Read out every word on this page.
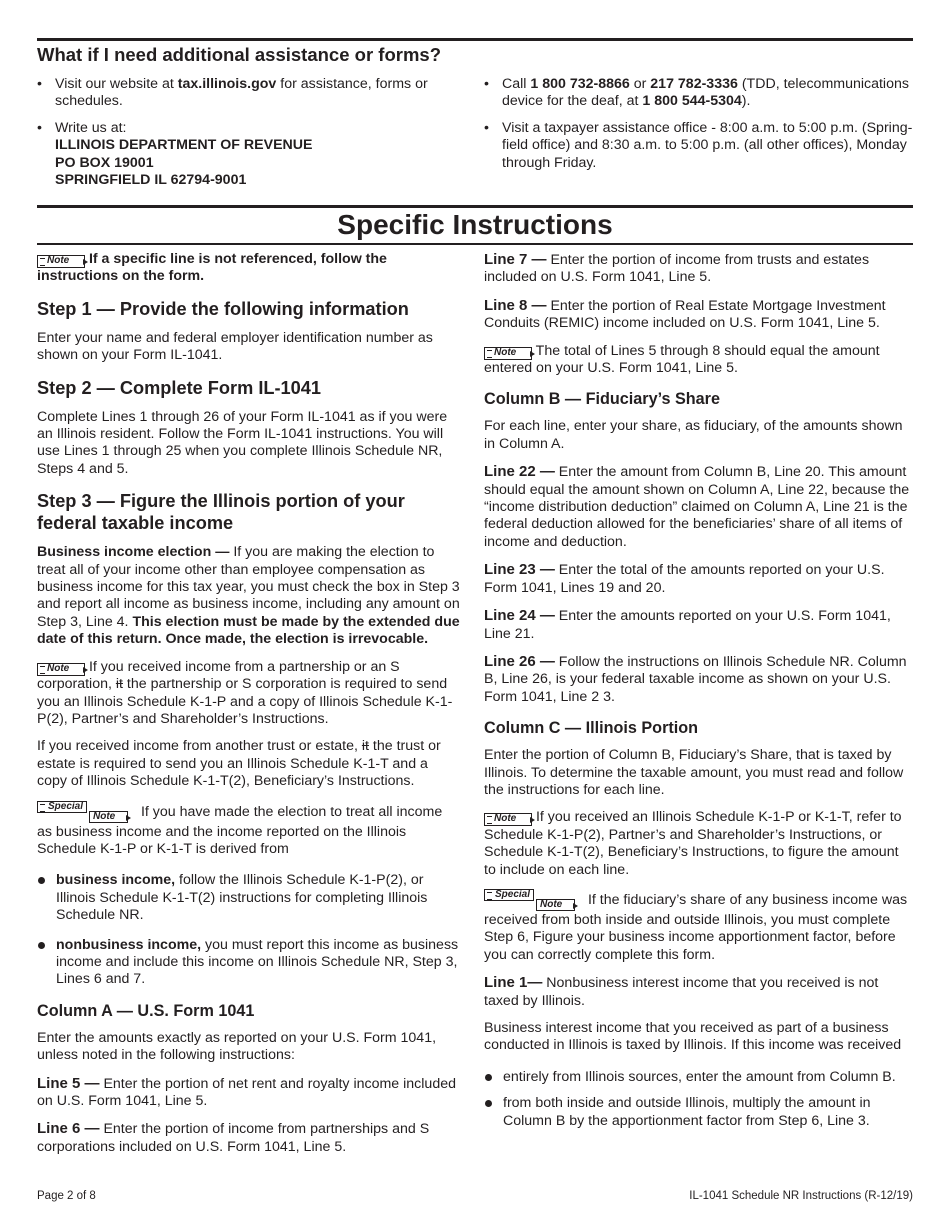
What if I need additional assistance or forms?
• Visit our website at tax.illinois.gov for assistance, forms or schedules.
• Write us at:
ILLINOIS DEPARTMENT OF REVENUE
PO BOX 19001
SPRINGFIELD IL 62794-9001
• Call 1 800 732-8866 or 217 782-3336 (TDD, telecommunications device for the deaf, at 1 800 544-5304).
• Visit a taxpayer assistance office - 8:00 a.m. to 5:00 p.m. (Spring-field office) and 8:30 a.m. to 5:00 p.m. (all other offices), Monday through Friday.
Specific Instructions

Note If a specific line is not referenced, follow the instructions on the form.

Step 1 — Provide the following information

Enter your name and federal employer identification number as shown on your Form IL-1041.

Step 2 — Complete Form IL-1041

Complete Lines 1 through 26 of your Form IL-1041 as if you were an Illinois resident. Follow the Form IL-1041 instructions. You will use Lines 1 through 25 when you complete Illinois Schedule NR, Steps 4 and 5.

Step 3 — Figure the Illinois portion of your federal taxable income

Business income election — If you are making the election to treat all of your income other than employee compensation as business income for this tax year, you must check the box in Step 3 and report all income as business income, including any amount on Step 3, Line 4. This election must be made by the extended due date of this return. Once made, the election is irrevocable.

Note If you received income from a partnership or an S corporation, it the partnership or S corporation is required to send you an Illinois Schedule K-1-P and a copy of Illinois Schedule K-1-P(2), Partner’s and Shareholder’s Instructions.

If you received income from another trust or estate, it the trust or estate is required to send you an Illinois Schedule K-1-T and a copy of Illinois Schedule K-1-T(2), Beneficiary’s Instructions.

Special
Note	If you have made the election to treat all income as business income and the income reported on the Illinois Schedule K-1-P or K-1-T is derived from

business income, follow the Illinois Schedule K-1-P(2), or Illinois Schedule K-1-T(2) instructions for completing Illinois Schedule NR.
nonbusiness income, you must report this income as business income and include this income on Illinois Schedule NR, Step 3, Lines 6 and 7.
Column A — U.S. Form 1041

Enter the amounts exactly as reported on your U.S. Form 1041, unless noted in the following instructions:

Line 5 — Enter the portion of net rent and royalty income included on U.S. Form 1041, Line 5.

Line 6 — Enter the portion of income from partnerships and S corporations included on U.S. Form 1041, Line 5.

Line 7 — Enter the portion of income from trusts and estates included on U.S. Form 1041, Line 5.

Line 8 — Enter the portion of Real Estate Mortgage Investment Conduits (REMIC) income included on U.S. Form 1041, Line 5.

Note The total of Lines 5 through 8 should equal the amount entered on your U.S. Form 1041, Line 5.

Column B — Fiduciary’s Share

For each line, enter your share, as fiduciary, of the amounts shown in Column A.

Line 22 — Enter the amount from Column B, Line 20. This amount should equal the amount shown on Column A, Line 22, because the “income distribution deduction” claimed on Column A, Line 21 is the federal deduction allowed for the beneficiaries’ share of all items of income and deduction.

Line 23 — Enter the total of the amounts reported on your U.S. Form 1041, Lines 19 and 20.

Line 24 — Enter the amounts reported on your U.S. Form 1041, Line 21.

Line 26 — Follow the instructions on Illinois Schedule NR. Column B, Line 26, is your federal taxable income as shown on your U.S. Form 1041, Line 2 3.

Column C — Illinois Portion

Enter the portion of Column B, Fiduciary’s Share, that is taxed by Illinois. To determine the taxable amount, you must read and follow the instructions for each line.

Note If you received an Illinois Schedule K-1-P or K-1-T, refer to Schedule K-1-P(2), Partner’s and Shareholder’s Instructions, or Schedule K-1-T(2), Beneficiary’s Instructions, to figure the amount to include on each line.

Special
Note	If the fiduciary’s share of any business income was received from both inside and outside Illinois, you must complete Step 6, Figure your business income apportionment factor, before you can correctly complete this form.

Line 1— Nonbusiness interest income that you received is not taxed by Illinois.

Business interest income that you received as part of a business conducted in Illinois is taxed by Illinois. If this income was received

entirely from Illinois sources, enter the amount from Column B.
from both inside and outside Illinois, multiply the amount in Column B by the apportionment factor from Step 6, Line 3.
Page 2 of 8	IL-1041 Schedule NR Instructions (R-12/19)
